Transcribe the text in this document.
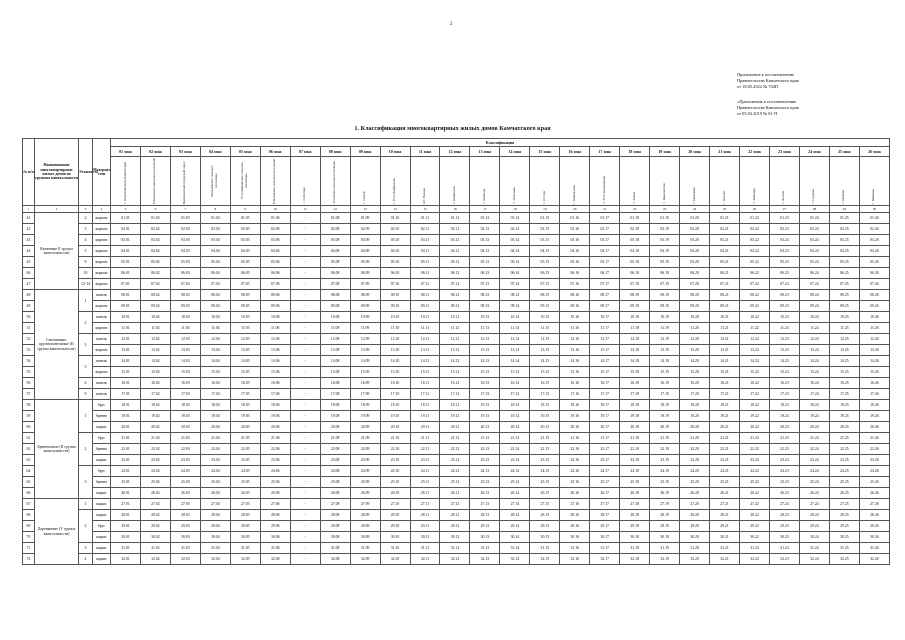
2
Приложение к постановлению
Правительства Камчатского края
от 18.05.2022 № 704П
«Приложение к постановлению
Правительства Камчатского края
от 05.03.2019 № 81-П
1. Классификация многоквартирных жилых домов Камчатского края
№ п/п	Наименование многоквартирных жилых домов по группам капитальности	Этажность	Материал стен	Классификация																									
				01 зона	02 зона	03 зона	04 зона	05 зона	06 зона	07 зона	08 зона	09 зона	10 зона	11 зона	12 зона	13 зона	14 зона	15 зона	16 зона	17 зона	18 зона	19 зона	20 зона	21 зона	22 зона	23 зона	24 зона	25 зона	26 зона
				г. Петропавловск-Камчатский	Елизовское городское поселение	Вилючинский городской округ	Мильковское сельское поселение	Усть-Камчатское сельское поселение	Ключевское сельское поселение	с. Соболево	Эссовское сельское поселение	с. Тигиль	с. Усть-Хайрюзово	пгт. Палана	с. Каменское	с. Манилы	с. Тиличики	с. Оссора	с. Никольское	с. Усть-Большерецк	с. Апача	с. Кавалерское	с. Мильково	с. Пахачи	с. Хаилино	с. Лесная	с. Седанка	с. Ивашка	с. Вывенка
1	2	3	4	5	6	7	8	9	10	11	12	13	14	15	16	17	18	19	20	21	22	23	24	25	26	27	28	29	30
41	Каменные (I группа капитальности)	2	кирпич	01.01	01.02	01.03	01.04	01.05	01.06	-	01.08	01.09	01.10	01.11	01.12	01.13	01.14	01.15	01.16	01.17	01.18	01.19	01.20	01.21	01.22	01.23	01.24	01.25	01.26
42		3	кирпич	02.01	02.02	02.03	02.04	02.05	02.06	-	02.08	02.09	02.10	02.11	02.12	02.13	02.14	02.15	02.16	02.17	02.18	02.19	02.20	02.21	02.22	02.23	02.24	02.25	02.26
43		4	кирпич	03.01	03.02	03.03	03.04	03.05	03.06	-	03.08	03.09	03.10	03.11	03.12	03.13	03.14	03.15	03.16	03.17	03.18	03.19	03.20	03.21	03.22	03.23	03.24	03.25	03.26
44		5	кирпич	04.01	04.02	04.03	04.04	04.05	04.06	-	04.08	04.09	04.10	04.11	04.12	04.13	04.14	04.15	04.16	04.17	04.18	04.19	04.20	04.21	04.22	04.23	04.24	04.25	04.26
45		9	кирпич	05.01	05.02	05.03	05.04	05.05	05.06	-	05.08	05.09	05.10	05.11	05.12	05.13	05.14	05.15	05.16	05.17	05.18	05.19	05.20	05.21	05.22	05.23	05.24	05.25	05.26
46		10	кирпич	06.01	06.02	06.03	06.04	06.05	06.06	-	06.08	06.09	06.10	06.11	06.12	06.13	06.14	06.15	06.16	06.17	06.18	06.19	06.20	06.21	06.22	06.23	06.24	06.25	06.26
47		12-14	кирпич	07.01	07.02	07.03	07.04	07.05	07.06	-	07.08	07.09	07.10	07.11	07.12	07.13	07.14	07.15	07.16	07.17	07.18	07.19	07.20	07.21	07.22	07.23	07.24	07.25	07.26
48	Смешанные, крупнопанельные (II группа капитальности)	1	панель	08.01	08.02	08.03	08.04	08.05	08.06	-	08.08	08.09	08.10	08.11	08.12	08.13	08.14	08.15	08.16	08.17	08.18	08.19	08.20	08.21	08.22	08.23	08.24	08.25	08.26
49			кирпич	09.01	09.02	09.03	09.04	09.05	09.06	-	09.08	09.09	09.10	09.11	09.12	09.13	09.14	09.15	09.16	09.17	09.18	09.19	09.20	09.21	09.22	09.23	09.24	09.25	09.26
50		2	панель	10.01	10.02	10.03	10.04	10.05	10.06	-	10.08	10.09	10.10	10.11	10.12	10.13	10.14	10.15	10.16	10.17	10.18	10.19	10.20	10.21	10.22	10.23	10.24	10.25	10.26
51			кирпич	11.01	11.02	11.03	11.04	11.05	11.06	-	11.08	11.09	11.10	11.11	11.12	11.13	11.14	11.15	11.16	11.17	11.18	11.19	11.20	11.21	11.22	11.23	11.24	11.25	11.26
52		3	панель	12.01	12.02	12.03	12.04	12.05	12.06	-	12.08	12.09	12.10	12.11	12.12	12.13	12.14	12.15	12.16	12.17	12.18	12.19	12.20	12.21	12.22	12.23	12.24	12.25	12.26
53			кирпич	13.01	13.02	13.03	13.04	13.05	13.06	-	13.08	13.09	13.10	13.11	13.12	13.13	13.14	13.15	13.16	13.17	13.18	13.19	13.20	13.21	13.22	13.23	13.24	13.25	13.26
54		5	панель	14.01	14.02	14.03	14.04	14.05	14.06	-	14.08	14.09	14.10	14.11	14.12	14.13	14.14	14.15	14.16	14.17	14.18	14.19	14.20	14.21	14.22	14.23	14.24	14.25	14.26
55			кирпич	15.01	15.02	15.03	15.04	15.05	15.06	-	15.08	15.09	15.10	15.11	15.12	15.13	15.14	15.15	15.16	15.17	15.18	15.19	15.20	15.21	15.22	15.23	15.24	15.25	15.26
56		6	панель	16.01	16.02	16.03	16.04	16.05	16.06	-	16.08	16.09	16.10	16.11	16.12	16.13	16.14	16.15	16.16	16.17	16.18	16.19	16.20	16.21	16.22	16.23	16.24	16.25	16.26
57		9	панель	17.01	17.02	17.03	17.04	17.05	17.06	-	17.08	17.09	17.10	17.11	17.12	17.13	17.14	17.15	17.16	17.17	17.18	17.19	17.20	17.21	17.22	17.23	17.24	17.25	17.26
58	Бревенчатые (II группа капитальности)	1	брус	18.01	18.02	18.03	18.04	18.05	18.06	-	18.08	18.09	18.10	18.11	18.12	18.13	18.14	18.15	18.16	18.17	18.18	18.19	18.20	18.21	18.22	18.23	18.24	18.25	18.26
59			бревно	19.01	19.02	19.03	19.04	19.05	19.06	-	19.08	19.09	19.10	19.11	19.12	19.13	19.14	19.15	19.16	19.17	19.18	19.19	19.20	19.21	19.22	19.23	19.24	19.25	19.26
60			каркас	20.01	20.02	20.03	20.04	20.05	20.06	-	20.08	20.09	20.10	20.11	20.12	20.13	20.14	20.15	20.16	20.17	20.18	20.19	20.20	20.21	20.22	20.23	20.24	20.25	20.26
61		2	брус	21.01	21.02	21.03	21.04	21.05	21.06	-	21.08	21.09	21.10	21.11	21.12	21.13	21.14	21.15	21.16	21.17	21.18	21.19	21.20	21.21	21.22	21.23	21.24	21.25	21.26
62			бревно	22.01	22.02	22.03	22.04	22.05	22.06	-	22.08	22.09	22.10	22.11	22.12	22.13	22.14	22.15	22.16	22.17	22.18	22.19	22.20	22.21	22.22	22.23	22.24	22.25	22.26
63			каркас	23.01	23.02	23.03	23.04	23.05	23.06	-	23.08	23.09	23.10	23.11	23.12	23.13	23.14	23.15	23.16	23.17	23.18	23.19	23.20	23.21	23.22	23.23	23.24	23.25	23.26
64		3	брус	24.01	24.02	24.03	24.04	24.05	24.06	-	24.08	24.09	24.10	24.11	24.12	24.13	24.14	24.15	24.16	24.17	24.18	24.19	24.20	24.21	24.22	24.23	24.24	24.25	24.26
65			бревно	25.01	25.02	25.03	25.04	25.05	25.06	-	25.08	25.09	25.10	25.11	25.12	25.13	25.14	25.15	25.16	25.17	25.18	25.19	25.20	25.21	25.22	25.23	25.24	25.25	25.26
66			каркас	26.01	26.02	26.03	26.04	26.05	26.06	-	26.08	26.09	26.10	26.11	26.12	26.13	26.14	26.15	26.16	26.17	26.18	26.19	26.20	26.21	26.22	26.23	26.24	26.25	26.26
67	Деревянные (V группа капитальности)	1	каркас	27.01	27.02	27.03	27.04	27.05	27.06	-	27.08	27.09	27.10	27.11	27.12	27.13	27.14	27.15	27.16	27.17	27.18	27.19	27.20	27.21	27.22	27.23	27.24	27.25	27.26
68		2	каркас	28.01	28.02	28.03	28.04	28.05	28.06	-	28.08	28.09	28.10	28.11	28.12	28.13	28.14	28.15	28.16	28.17	28.18	28.19	28.20	28.21	28.22	28.23	28.24	28.25	28.26
69			брус	29.01	29.02	29.03	29.04	29.05	29.06	-	29.08	29.09	29.10	29.11	29.12	29.13	29.14	29.15	29.16	29.17	29.18	29.19	29.20	29.21	29.22	29.23	29.24	29.25	29.26
70			каркас	30.01	30.02	30.03	30.04	30.05	30.06	-	30.08	30.09	30.10	30.11	30.12	30.13	30.14	30.15	30.16	30.17	30.18	30.19	30.20	30.21	30.22	30.23	30.24	30.25	30.26
71		3	каркас	31.01	31.02	31.03	31.04	31.05	31.06	-	31.08	31.09	31.10	31.11	31.12	31.13	31.14	31.15	31.16	31.17	31.18	31.19	31.20	31.21	31.22	31.23	31.24	31.25	31.26
72		4	каркас	32.01	32.02	32.03	32.04	32.05	32.06	-	32.08	32.09	32.10	32.11	32.12	32.13	32.14	32.15	32.16	32.17	32.18	32.19	32.20	32.21	32.22	32.23	32.24	32.25	32.26
